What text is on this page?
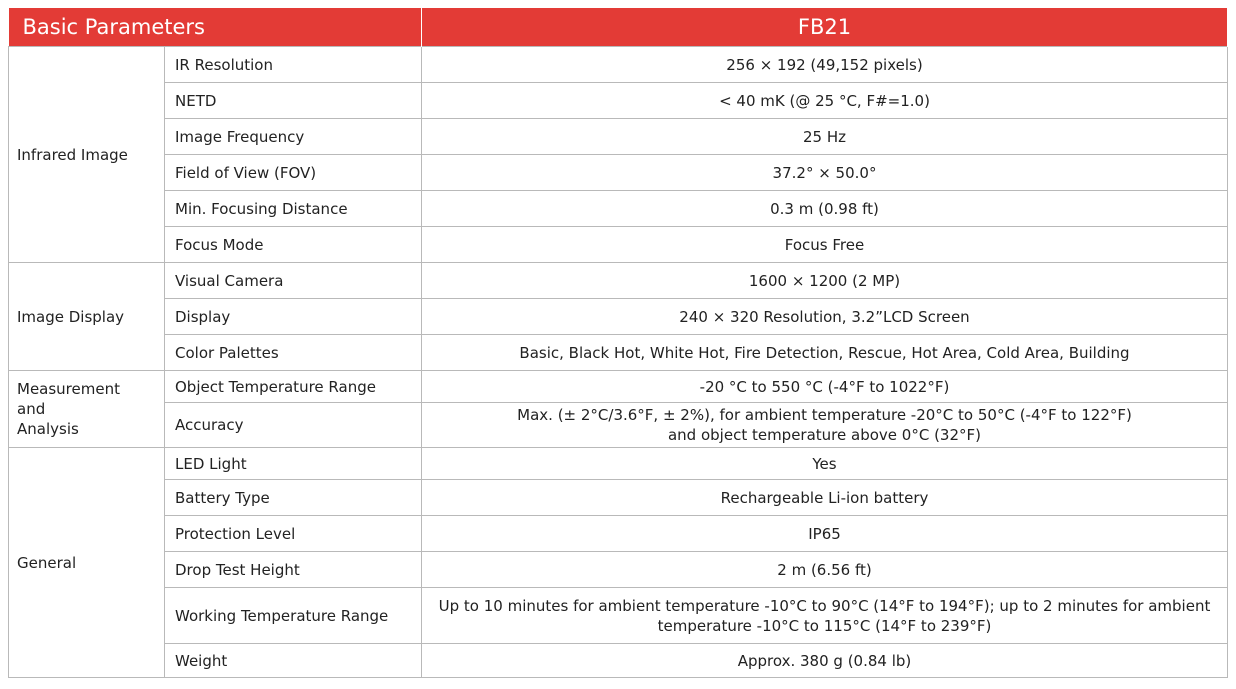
Basic Parameters		FB21
Infrared Image	IR Resolution	256 × 192 (49,152 pixels)
	NETD	< 40 mK (@ 25 °C, F#=1.0)
	Image Frequency	25 Hz
	Field of View (FOV)	37.2° × 50.0°
	Min. Focusing Distance	0.3 m (0.98 ft)
	Focus Mode	Focus Free
Image Display	Visual Camera	1600 × 1200 (2 MP)
	Display	240 × 320 Resolution, 3.2”LCD Screen
	Color Palettes	Basic, Black Hot, White Hot, Fire Detection, Rescue, Hot Area, Cold Area, Building

Measurement
and
Analysis	Object Temperature Range	-20 °C to 550 °C (-4°F to 1022°F)
	Accuracy	Max. (± 2°C/3.6°F, ± 2%), for ambient temperature -20°C to 50°C (-4°F to 122°F)
and object temperature above 0°C (32°F)

General	LED Light	Yes
	Battery Type	Rechargeable Li-ion battery
	Protection Level	IP65
	Drop Test Height	2 m (6.56 ft)
	Working Temperature Range	Up to 10 minutes for ambient temperature -10°C to 90°C (14°F to 194°F); up to 2 minutes for ambient
temperature -10°C to 115°C (14°F to 239°F)

	Weight	Approx. 380 g (0.84 lb)
